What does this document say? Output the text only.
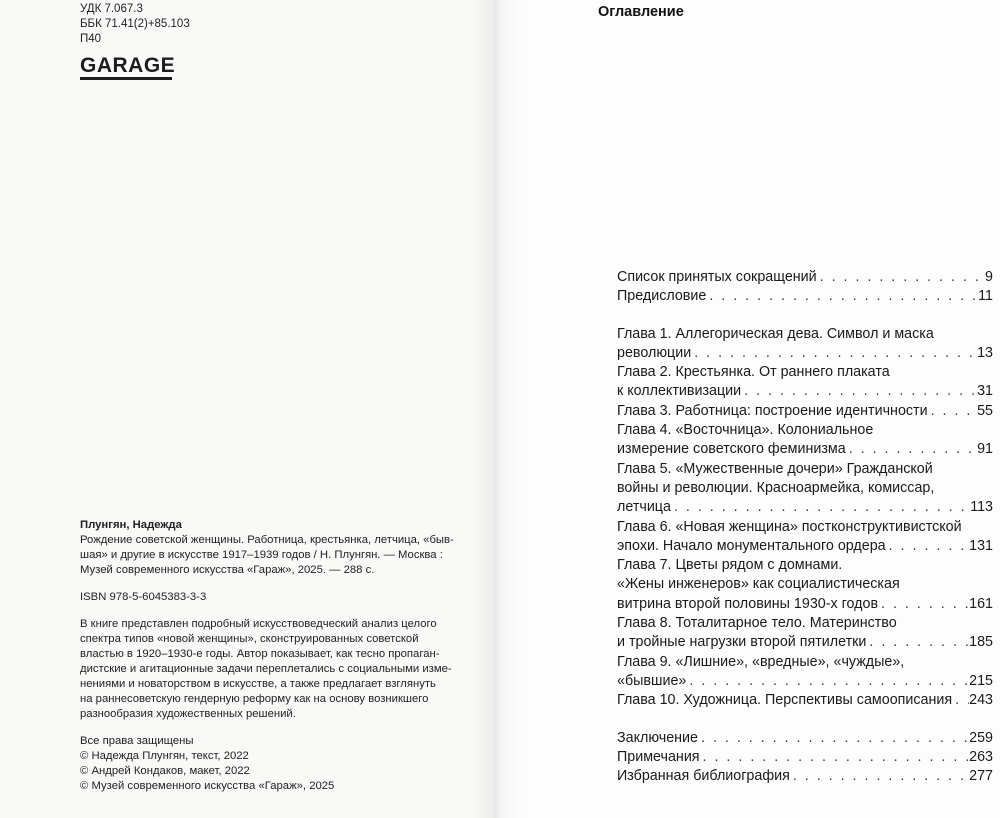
УДК 7.067.3
ББК 71.41(2)+85.103
П40
GARAGE

Плунгян, Надежда

Рождение советской женщины. Работница, крестьянка, летчица, «быв-

шая» и другие в искусстве 1917–1939 годов / Н. Плунгян. — Москва :

Музей современного искусства «Гараж», 2025. — 288 с.

ISBN 978-5-6045383-3-3

В книге представлен подробный искусствоведческий анализ целого

спектра типов «новой женщины», сконструированных советской

властью в 1920–1930-е годы. Автор показывает, как тесно пропаган-

дистские и агитационные задачи переплетались с социальными изме-

нениями и новаторством в искусстве, а также предлагает взглянуть

на раннесоветскую гендерную реформу как на основу возникшего

разнообразия художественных решений.

Все права защищены

© Надежда Плунгян, текст, 2022

© Андрей Кондаков, макет, 2022

© Музей современного искусства «Гараж», 2025

Оглавление
Список принятых сокращений . . .	9
Предисловие . . .	11
Глава 1. Аллегорическая дева. Символ и маска
революции . . .	13
Глава 2. Крестьянка. От раннего плаката
к коллективизации . . .	31
Глава 3. Работница: построение идентичности . . .	55
Глава 4. «Восточница». Колониальное
измерение советского феминизма . . .	91
Глава 5. «Мужественные дочери» Гражданской
войны и революции. Красноармейка, комиссар,
летчица . . .	113
Глава 6. «Новая женщина» постконструктивистской
эпохи. Начало монументального ордера . . .	131
Глава 7. Цветы рядом с домнами.
«Жены инженеров» как социалистическая
витрина второй половины 1930-х годов . . .	161
Глава 8. Тоталитарное тело. Материнство
и тройные нагрузки второй пятилетки . . .	185
Глава 9. «Лишние», «вредные», «чуждые»,
«бывшие» . . .	215
Глава 10. Художница. Перспективы самоописания . . . 243
Заключение . . .	259
Примечания . . .	263
Избранная библиография . . .	277
